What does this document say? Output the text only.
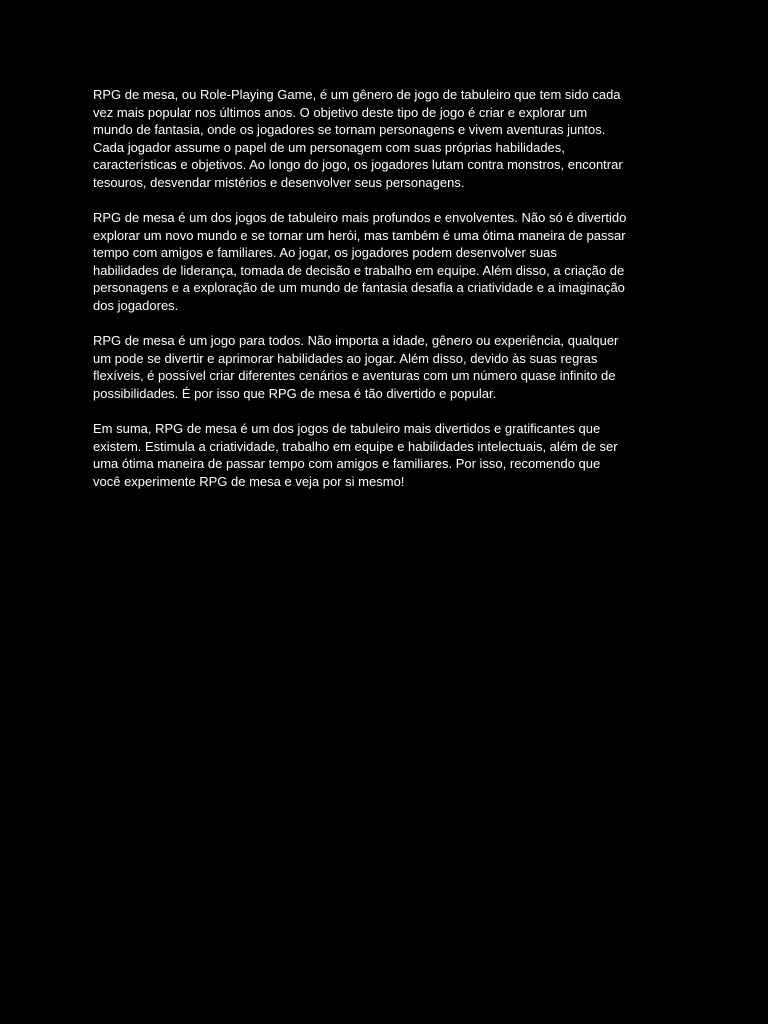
RPG de mesa, ou Role-Playing Game, é um gênero de jogo de tabuleiro que tem sido cada
vez mais popular nos últimos anos. O objetivo deste tipo de jogo é criar e explorar um
mundo de fantasia, onde os jogadores se tornam personagens e vivem aventuras juntos.
Cada jogador assume o papel de um personagem com suas próprias habilidades,
características e objetivos. Ao longo do jogo, os jogadores lutam contra monstros, encontrar
tesouros, desvendar mistérios e desenvolver seus personagens.

RPG de mesa é um dos jogos de tabuleiro mais profundos e envolventes. Não só é divertido
explorar um novo mundo e se tornar um herói, mas também é uma ótima maneira de passar
tempo com amigos e familiares. Ao jogar, os jogadores podem desenvolver suas
habilidades de liderança, tomada de decisão e trabalho em equipe. Além disso, a criação de
personagens e a exploração de um mundo de fantasia desafia a criatividade e a imaginação
dos jogadores.

RPG de mesa é um jogo para todos. Não importa a idade, gênero ou experiência, qualquer
um pode se divertir e aprimorar habilidades ao jogar. Além disso, devido às suas regras
flexíveis, é possível criar diferentes cenários e aventuras com um número quase infinito de
possibilidades. É por isso que RPG de mesa é tão divertido e popular.

Em suma, RPG de mesa é um dos jogos de tabuleiro mais divertidos e gratificantes que
existem. Estimula a criatividade, trabalho em equipe e habilidades intelectuais, além de ser
uma ótima maneira de passar tempo com amigos e familiares. Por isso, recomendo que
você experimente RPG de mesa e veja por si mesmo!
